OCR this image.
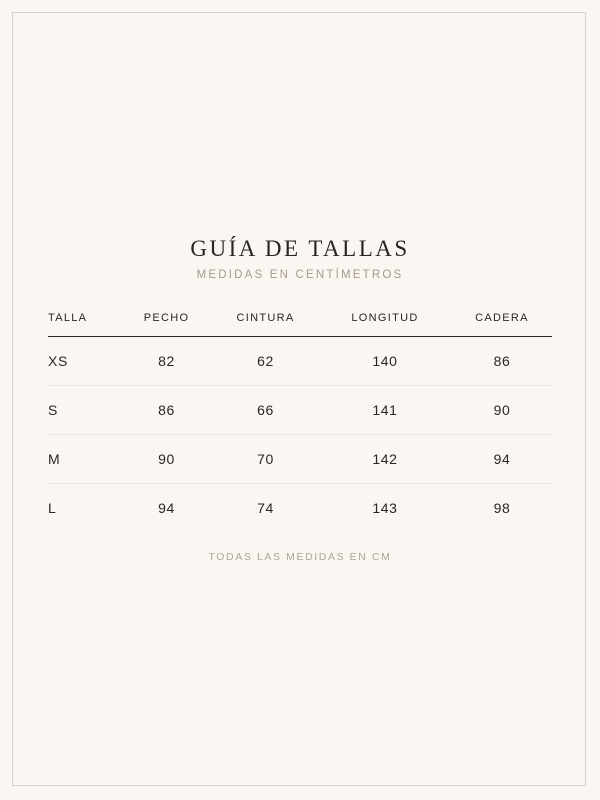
GUÍA DE TALLAS
MEDIDAS EN CENTÍMETROS
TALLA	PECHO	CINTURA	LONGITUD	CADERA
XS	82	62	140	86
S	86	66	141	90
M	90	70	142	94
L	94	74	143	98
TODAS LAS MEDIDAS EN CM
